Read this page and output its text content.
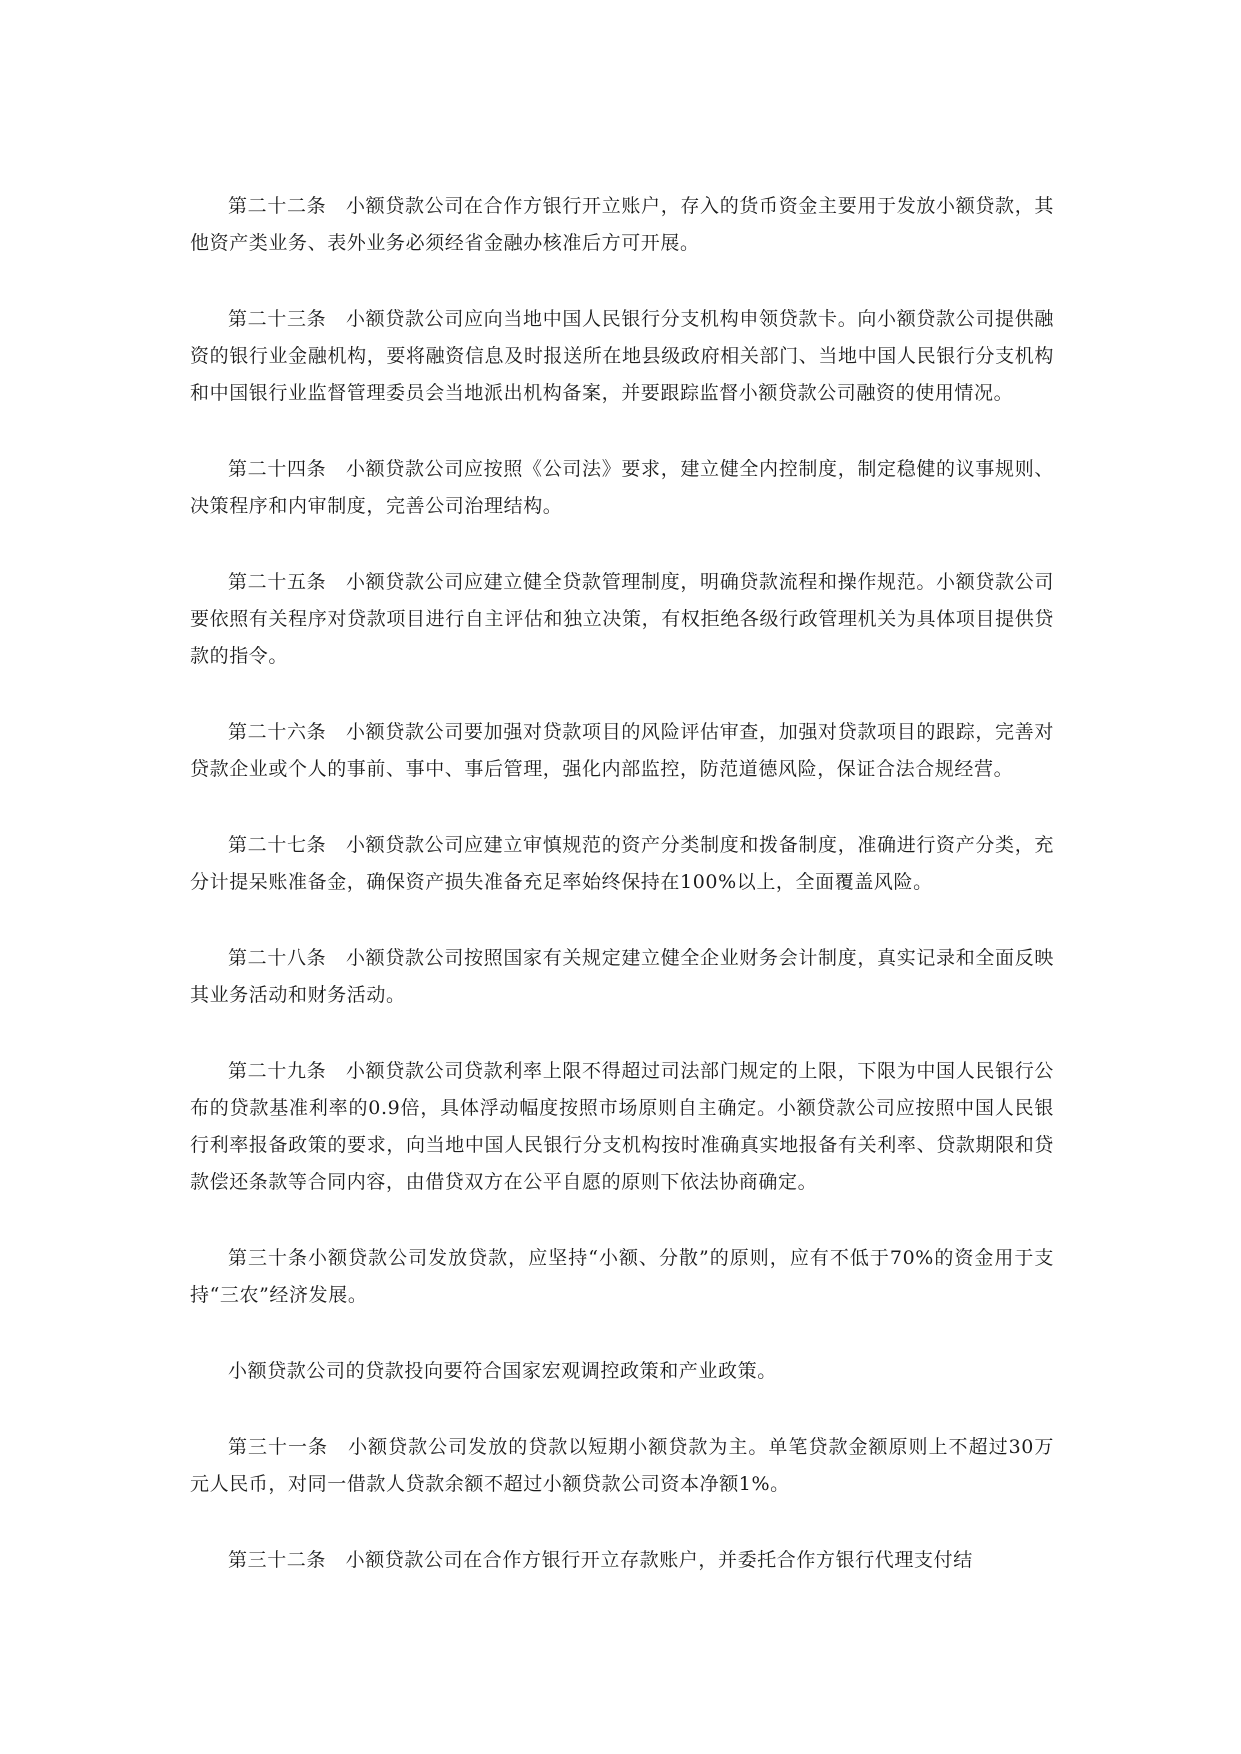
第二十二条　小额贷款公司在合作方银行开立账户，存入的货币资金主要用于发放小额贷款，其他资产类业务、表外业务必须经省金融办核准后方可开展。

第二十三条　小额贷款公司应向当地中国人民银行分支机构申领贷款卡。向小额贷款公司提供融资的银行业金融机构，要将融资信息及时报送所在地县级政府相关部门、当地中国人民银行分支机构和中国银行业监督管理委员会当地派出机构备案，并要跟踪监督小额贷款公司融资的使用情况。

第二十四条　小额贷款公司应按照《公司法》要求，建立健全内控制度，制定稳健的议事规则、决策程序和内审制度，完善公司治理结构。

第二十五条　小额贷款公司应建立健全贷款管理制度，明确贷款流程和操作规范。小额贷款公司要依照有关程序对贷款项目进行自主评估和独立决策，有权拒绝各级行政管理机关为具体项目提供贷款的指令。

第二十六条　小额贷款公司要加强对贷款项目的风险评估审查，加强对贷款项目的跟踪，完善对贷款企业或个人的事前、事中、事后管理，强化内部监控，防范道德风险，保证合法合规经营。

第二十七条　小额贷款公司应建立审慎规范的资产分类制度和拨备制度，准确进行资产分类，充分计提呆账准备金，确保资产损失准备充足率始终保持在100%以上，全面覆盖风险。

第二十八条　小额贷款公司按照国家有关规定建立健全企业财务会计制度，真实记录和全面反映其业务活动和财务活动。

第二十九条　小额贷款公司贷款利率上限不得超过司法部门规定的上限，下限为中国人民银行公布的贷款基准利率的0.9倍，具体浮动幅度按照市场原则自主确定。小额贷款公司应按照中国人民银行利率报备政策的要求，向当地中国人民银行分支机构按时准确真实地报备有关利率、贷款期限和贷款偿还条款等合同内容，由借贷双方在公平自愿的原则下依法协商确定。

第三十条小额贷款公司发放贷款，应坚持“小额、分散”的原则，应有不低于70%的资金用于支持“三农”经济发展。

小额贷款公司的贷款投向要符合国家宏观调控政策和产业政策。

第三十一条　小额贷款公司发放的贷款以短期小额贷款为主。单笔贷款金额原则上不超过30万元人民币，对同一借款人贷款余额不超过小额贷款公司资本净额1%。

第三十二条　小额贷款公司在合作方银行开立存款账户，并委托合作方银行代理支付结
